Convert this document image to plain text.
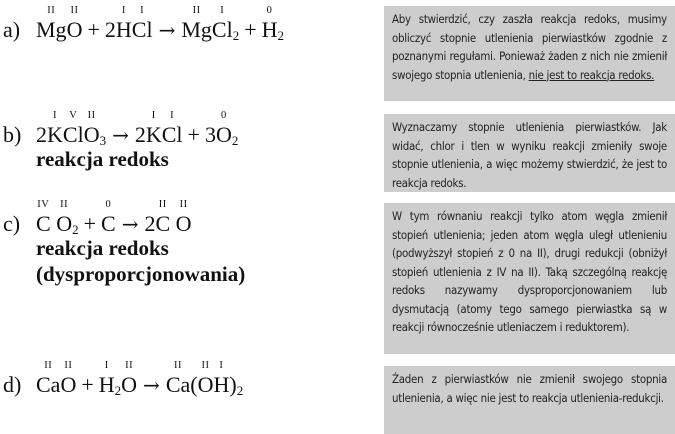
a)
II
Mg
II
O + 2
I
H
I
Cl →
II
Mg
I
Cl 2 +
0
H 2
b) 2
I
K
V
Cl
II
O 3 → 2
I
K
I
Cl + 3
0
O 2
reakcja redoks
c)
IV
C

II
O 2 +
0
C → 2
II
C

II
O
reakcja redoks
(dysproporcjonowania)
d)
II
Ca
II
O +
I
H 2
II
O →
II
Ca (
II
O
I
H ) 2

Aby stwierdzić, czy zaszła reakcja redoks, musimy obliczyć stopnie utlenienia pierwiastków zgodnie z poznanymi regułami. Ponieważ żaden z nich nie zmienił swojego stopnia utlenienia, nie jest to reakcja redoks.

Wyznaczamy stopnie utlenienia pierwiastków. Jak widać, chlor i tlen w wyniku reakcji zmieniły swoje stopnie utlenienia, a więc możemy stwierdzić, że jest to reakcja redoks.

W tym równaniu reakcji tylko atom węgla zmienił stopień utlenienia; jeden atom węgla uległ utlenieniu (podwyższył stopień z 0 na II), drugi redukcji (obniżył stopień utlenienia z IV na II). Taką szczególną reakcję redoks nazywamy dysproporcjonowaniem lub dysmutacją (atomy tego samego pierwiastka są w reakcji równocześnie utleniaczem i reduktorem).

Żaden z pierwiastków nie zmienił swojego stopnia utlenienia, a więc nie jest to reakcja utlenienia-redukcji.
